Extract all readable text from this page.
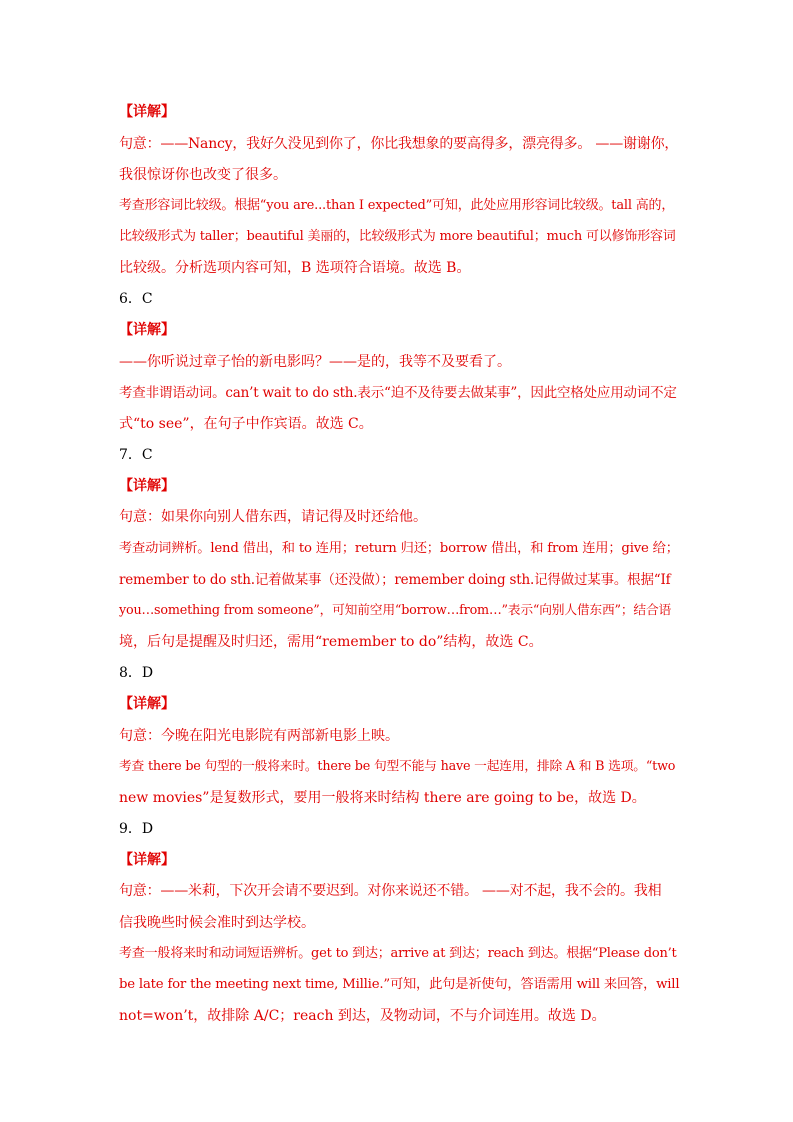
【详解】
句意：——Nancy，我好久没见到你了，你比我想象的要高得多，漂亮得多。 ——谢谢你，
我很惊讶你也改变了很多。
考查形容词比较级。根据“you are...than I expected”可知，此处应用形容词比较级。tall 高的，
比较级形式为 taller；beautiful 美丽的，比较级形式为 more beautiful；much 可以修饰形容词
比较级。分析选项内容可知，B 选项符合语境。故选 B。
6．C
【详解】
——你听说过章子怡的新电影吗？——是的，我等不及要看了。
考查非谓语动词。can’t wait to do sth.表示“迫不及待要去做某事”，因此空格处应用动词不定
式“to see”，在句子中作宾语。故选 C。
7．C
【详解】
句意：如果你向别人借东西，请记得及时还给他。
考查动词辨析。lend 借出，和 to 连用；return 归还；borrow 借出，和 from 连用；give 给；
remember to do sth.记着做某事（还没做）；remember doing sth.记得做过某事。根据“If
you…something from someone”，可知前空用“borrow…from…”表示“向别人借东西”；结合语
境，后句是提醒及时归还，需用“remember to do”结构，故选 C。
8．D
【详解】
句意：今晚在阳光电影院有两部新电影上映。
考查 there be 句型的一般将来时。there be 句型不能与 have 一起连用，排除 A 和 B 选项。“two
new movies”是复数形式，要用一般将来时结构 there are going to be，故选 D。
9．D
【详解】
句意：——米莉，下次开会请不要迟到。对你来说还不错。 ——对不起，我不会的。我相
信我晚些时候会准时到达学校。
考查一般将来时和动词短语辨析。get to 到达；arrive at 到达；reach 到达。根据“Please don’t
be late for the meeting next time, Millie.”可知，此句是祈使句，答语需用 will 来回答，will
not=won’t，故排除 A/C；reach 到达，及物动词，不与介词连用。故选 D。
